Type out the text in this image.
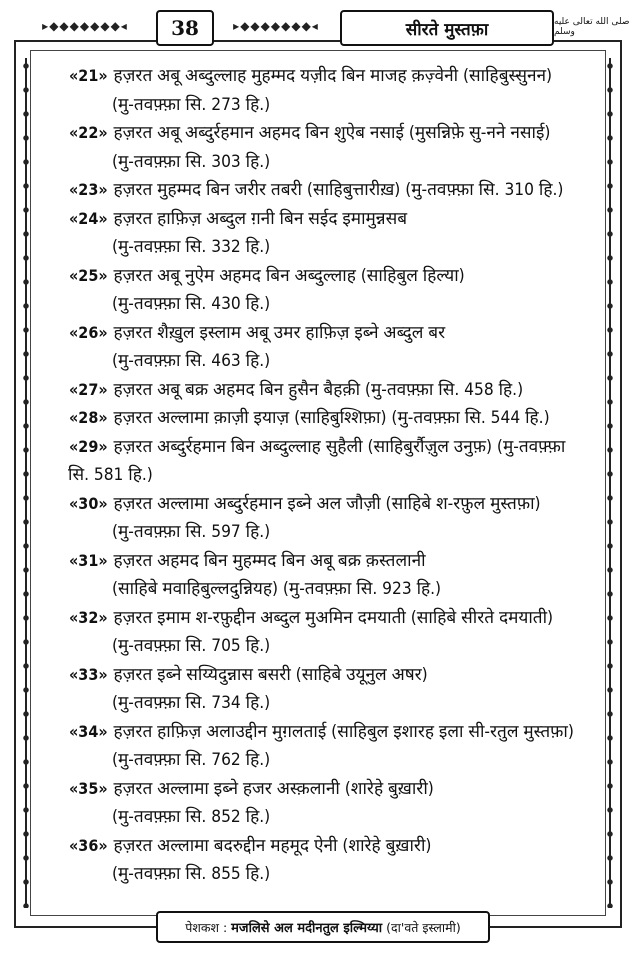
▸◆◆◆◆◆◆◆◂	38	▸◆◆◆◆◆◆◆◂	सीरते मुस्तफ़ा	صلى الله تعالى عليه وسلم

« 21 » हज़रत अबू अब्दुल्लाह मुहम्मद यज़ीद बिन माजह क़ज़्वेनी (साहिबुस्सुनन)
(मु-तवफ़्फ़ा सि. 273 हि.)

« 22 » हज़रत अबू अब्दुर्रहमान अहमद बिन शुऐब नसाई (मुसन्निफ़े सु-नने नसाई)
(मु-तवफ़्फ़ा सि. 303 हि.)

« 23 » हज़रत मुहम्मद बिन जरीर तबरी (साहिबुत्तारीख़) (मु-तवफ़्फ़ा सि. 310 हि.)

« 24 » हज़रत हाफ़िज़ अब्दुल ग़नी बिन सईद इमामुन्नसब
(मु-तवफ़्फ़ा सि. 332 हि.)

« 25 » हज़रत अबू नुऐम अहमद बिन अब्दुल्लाह (साहिबुल हिल्या)
(मु-तवफ़्फ़ा सि. 430 हि.)

« 26 » हज़रत शैख़ुल इस्लाम अबू उमर हाफ़िज़ इब्ने अब्दुल बर
(मु-तवफ़्फ़ा सि. 463 हि.)

« 27 » हज़रत अबू बक्र अहमद बिन हुसैन बैहक़ी (मु-तवफ़्फ़ा सि. 458 हि.)

« 28 » हज़रत अल्लामा क़ाज़ी इयाज़ (साहिबुश्शिफ़ा) (मु-तवफ़्फ़ा सि. 544 हि.)

« 29 » हज़रत अब्दुर्रहमान बिन अब्दुल्लाह सुहैली (साहिबुर्रौज़ुल उनुफ़) (मु-तवफ़्फ़ा सि. 581 हि.)

« 30 » हज़रत अल्लामा अब्दुर्रहमान इब्ने अल जौज़ी (साहिबे श-रफ़ुल मुस्तफ़ा)
(मु-तवफ़्फ़ा सि. 597 हि.)

« 31 » हज़रत अहमद बिन मुहम्मद बिन अबू बक्र क़स्तलानी
(साहिबे मवाहिबुल्लदुन्नियह) (मु-तवफ़्फ़ा सि. 923 हि.)

« 32 » हज़रत इमाम श-रफ़ुद्दीन अब्दुल मुअमिन दमयाती (साहिबे सीरते दमयाती)
(मु-तवफ़्फ़ा सि. 705 हि.)

« 33 » हज़रत इब्ने सय्यिदुन्नास बसरी (साहिबे उयूनुल अषर)
(मु-तवफ़्फ़ा सि. 734 हि.)

« 34 » हज़रत हाफ़िज़ अलाउद्दीन मुग़लताई (साहिबुल इशारह इला सी-रतुल मुस्तफ़ा)
(मु-तवफ़्फ़ा सि. 762 हि.)

« 35 » हज़रत अल्लामा इब्ने हजर अस्क़लानी (शारेहे बुख़ारी)
(मु-तवफ़्फ़ा सि. 852 हि.)

« 36 » हज़रत अल्लामा बदरुद्दीन महमूद ऐनी (शारेहे बुख़ारी)
(मु-तवफ़्फ़ा सि. 855 हि.)

पेशकश : मजलिसे अल मदीनतुल इल्मिय्या (दा'वते इस्लामी)
